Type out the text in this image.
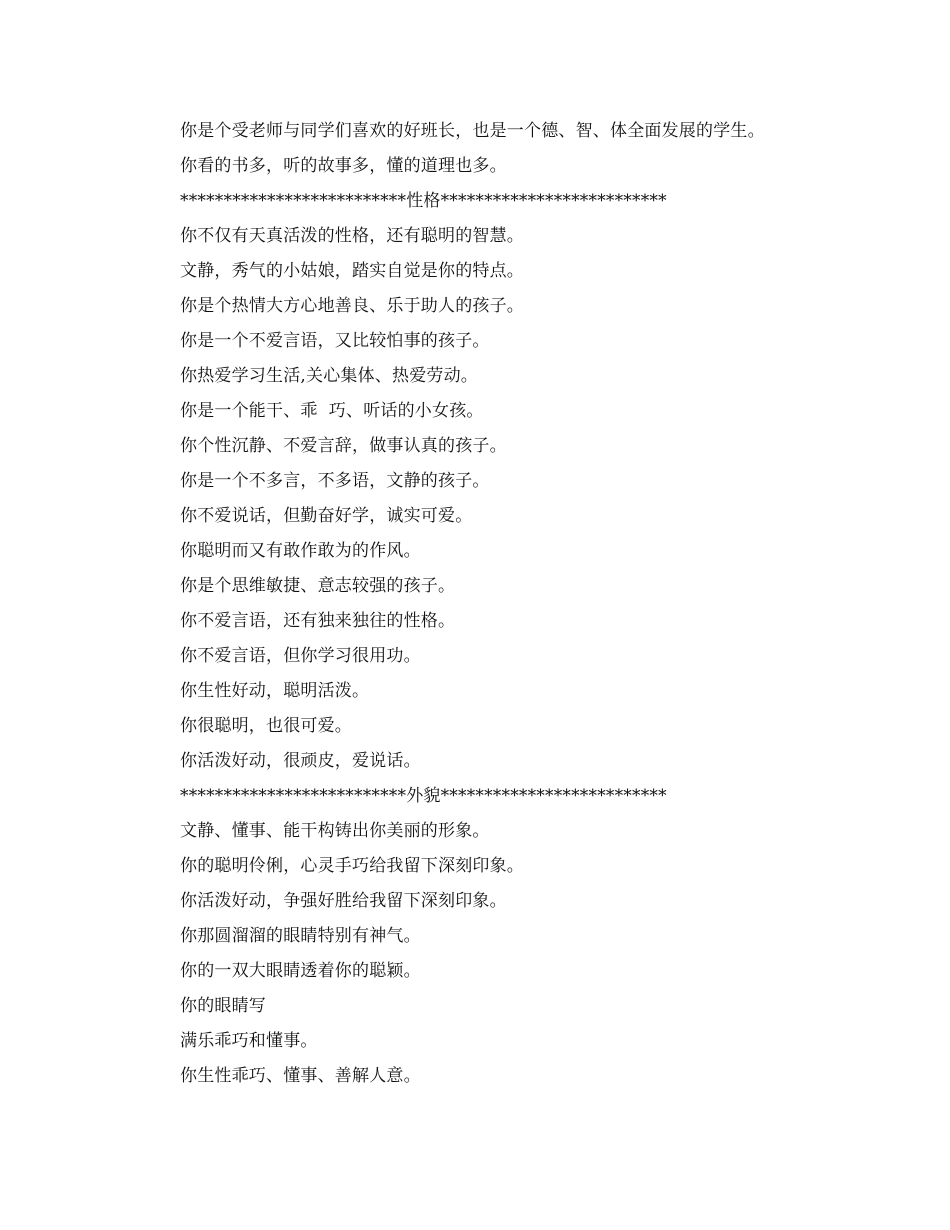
你是个受老师与同学们喜欢的好班长，也是一个德、智、体全面发展的学生。
你看的书多，听的故事多，懂的道理也多。
**************************性格**************************
你不仅有天真活泼的性格，还有聪明的智慧。
文静，秀气的小姑娘，踏实自觉是你的特点。
你是个热情大方心地善良、乐于助人的孩子。
你是一个不爱言语，又比较怕事的孩子。
你热爱学习生活,关心集体、热爱劳动。
你是一个能干、乖  巧、听话的小女孩。
你个性沉静、不爱言辞，做事认真的孩子。
你是一个不多言，不多语，文静的孩子。
你不爱说话，但勤奋好学，诚实可爱。
你聪明而又有敢作敢为的作风。
你是个思维敏捷、意志较强的孩子。
你不爱言语，还有独来独往的性格。
你不爱言语，但你学习很用功。
你生性好动，聪明活泼。
你很聪明，也很可爱。
你活泼好动，很顽皮，爱说话。
**************************外貌**************************
文静、懂事、能干构铸出你美丽的形象。
你的聪明伶俐，心灵手巧给我留下深刻印象。
你活泼好动，争强好胜给我留下深刻印象。
你那圆溜溜的眼睛特别有神气。
你的一双大眼睛透着你的聪颖。
你的眼睛写
满乐乖巧和懂事。
你生性乖巧、懂事、善解人意。
